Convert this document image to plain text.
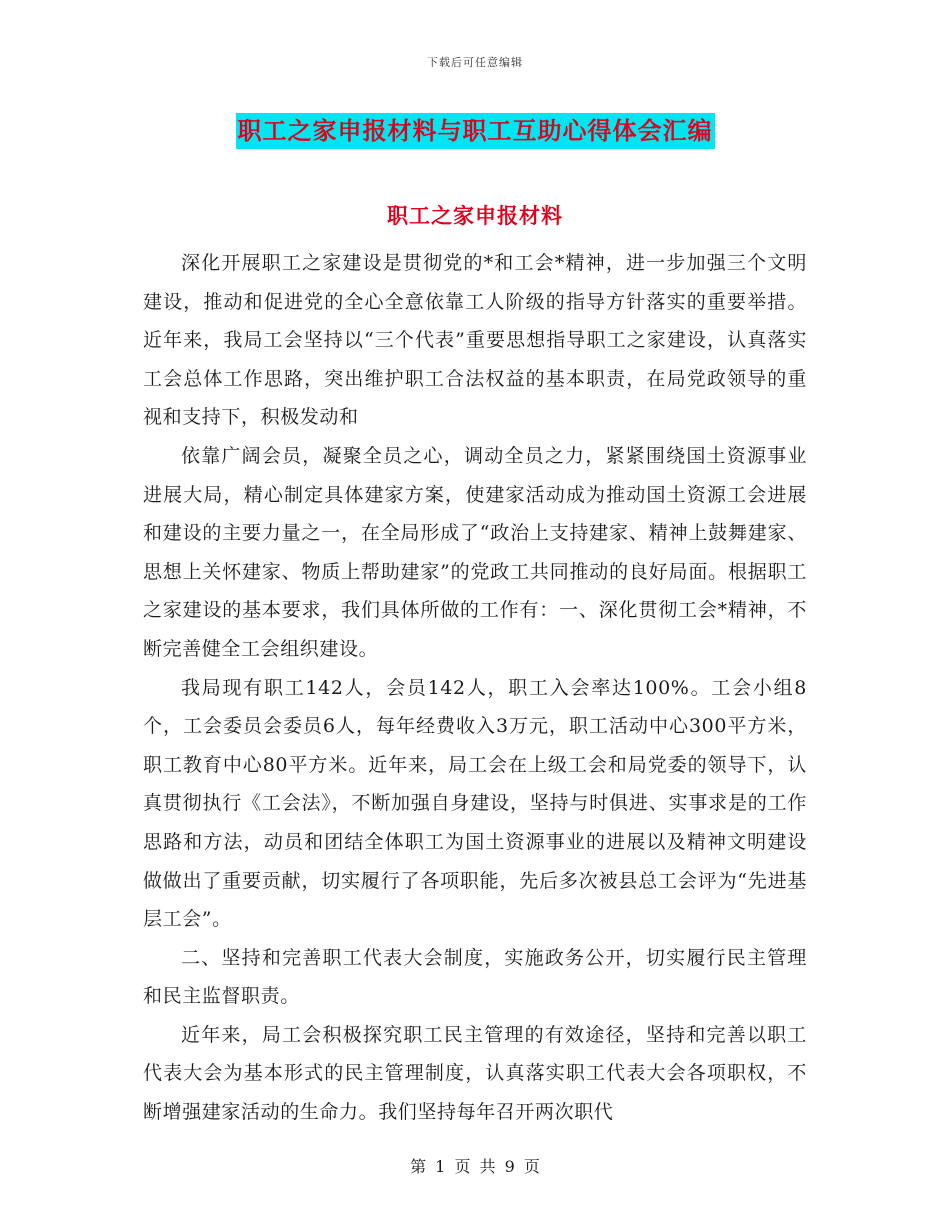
下载后可任意编辑
职工之家申报材料与职工互助心得体会汇编
职工之家申报材料

深化开展职工之家建设是贯彻党的*和工会*精神，进一步加强三个文明建设，推动和促进党的全心全意依靠工人阶级的指导方针落实的重要举措。近年来，我局工会坚持以“三个代表”重要思想指导职工之家建设，认真落实工会总体工作思路，突出维护职工合法权益的基本职责，在局党政领导的重视和支持下，积极发动和

依靠广阔会员，凝聚全员之心，调动全员之力，紧紧围绕国土资源事业进展大局，精心制定具体建家方案，使建家活动成为推动国土资源工会进展和建设的主要力量之一，在全局形成了“政治上支持建家、精神上鼓舞建家、思想上关怀建家、物质上帮助建家”的党政工共同推动的良好局面。根据职工之家建设的基本要求，我们具体所做的工作有：一、深化贯彻工会*精神，不断完善健全工会组织建设。

我局现有职工142人，会员142人，职工入会率达100%。工会小组8个，工会委员会委员6人，每年经费收入3万元，职工活动中心300平方米，职工教育中心80平方米。近年来，局工会在上级工会和局党委的领导下，认真贯彻执行《工会法》，不断加强自身建设，坚持与时俱进、实事求是的工作思路和方法，动员和团结全体职工为国土资源事业的进展以及精神文明建设做做出了重要贡献，切实履行了各项职能，先后多次被县总工会评为“先进基层工会”。

二、坚持和完善职工代表大会制度，实施政务公开，切实履行民主管理和民主监督职责。

近年来，局工会积极探究职工民主管理的有效途径，坚持和完善以职工代表大会为基本形式的民主管理制度，认真落实职工代表大会各项职权，不断增强建家活动的生命力。我们坚持每年召开两次职代

第 1 页 共 9 页
